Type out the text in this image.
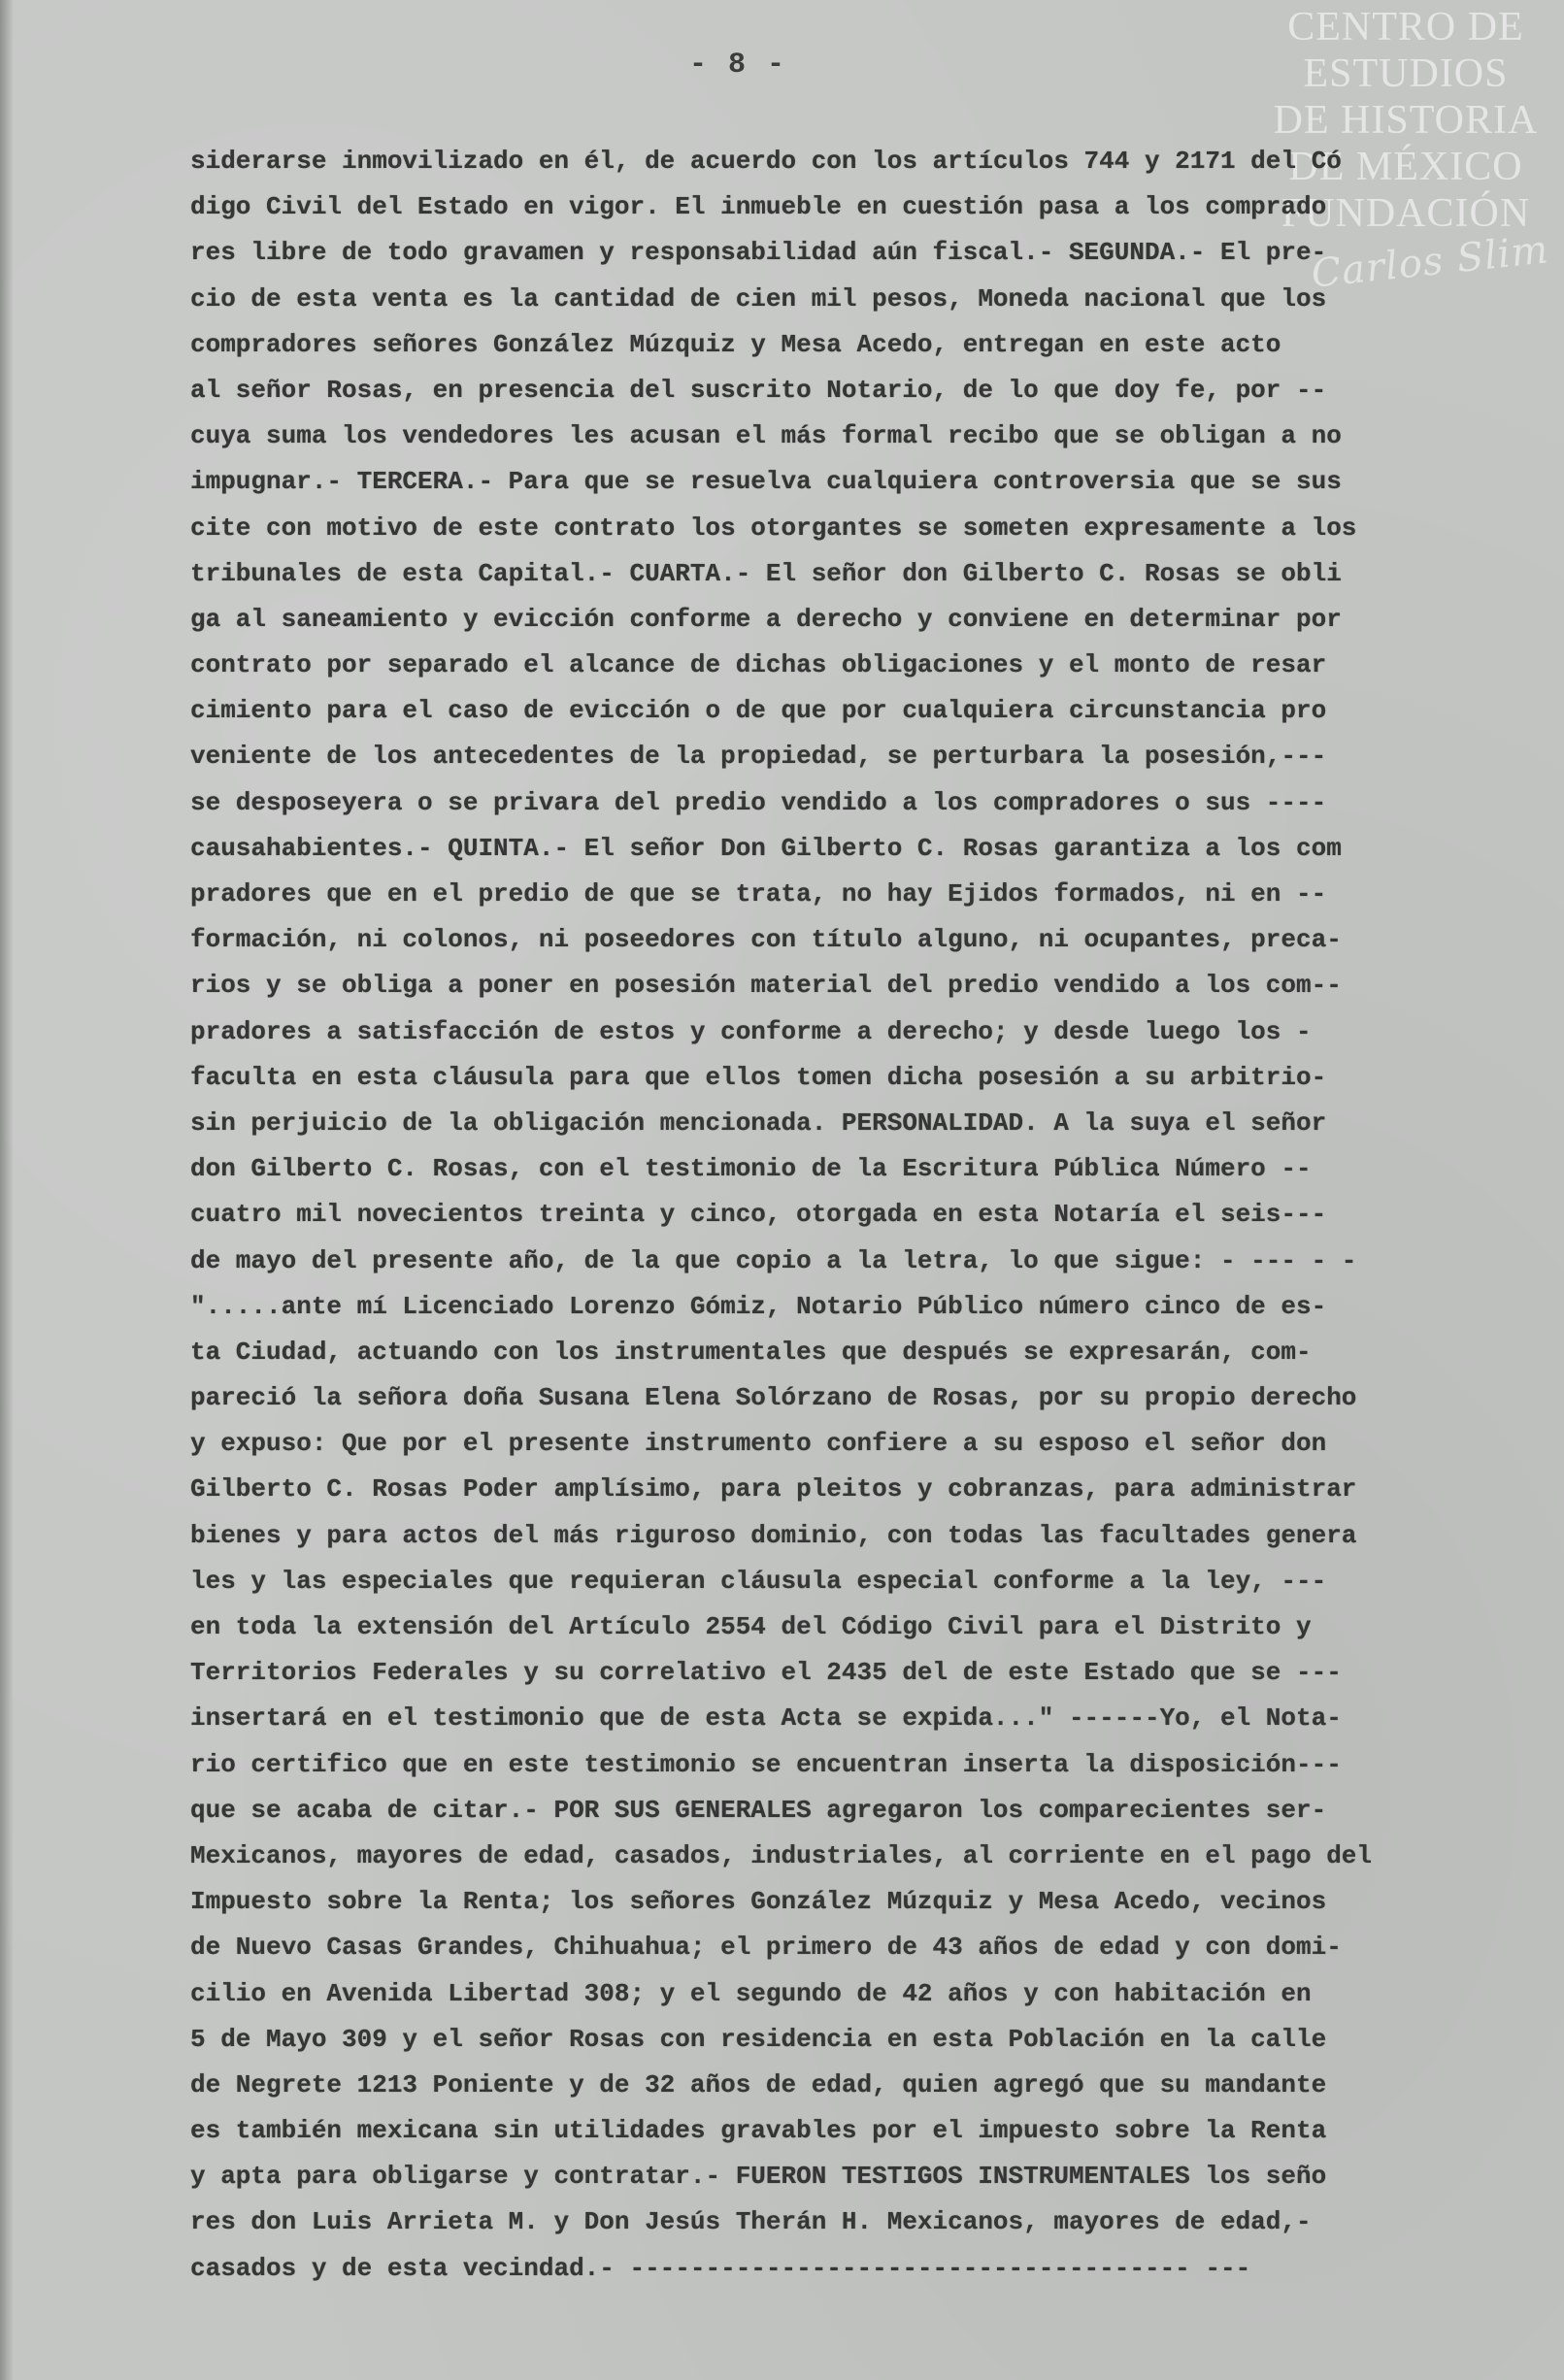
- 8 -
CENTRO DE
ESTUDIOS
DE HISTORIA
DE MÉXICO
FUNDACIÓN
Carlos Slim
siderarse inmovilizado en él, de acuerdo con los artículos 744 y 2171 del Có
digo Civil del Estado en vigor. El inmueble en cuestión pasa a los comprado
res libre de todo gravamen y responsabilidad aún fiscal.- SEGUNDA.- El pre-
cio de esta venta es la cantidad de cien mil pesos, Moneda nacional que los
compradores señores González Múzquiz y Mesa Acedo, entregan en este acto
al señor Rosas, en presencia del suscrito Notario, de lo que doy fe, por --
cuya suma los vendedores les acusan el más formal recibo que se obligan a no
impugnar.- TERCERA.- Para que se resuelva cualquiera controversia que se sus
cite con motivo de este contrato los otorgantes se someten expresamente a los
tribunales de esta Capital.- CUARTA.- El señor don Gilberto C. Rosas se obli
ga al saneamiento y evicción conforme a derecho y conviene en determinar por
contrato por separado el alcance de dichas obligaciones y el monto de resar
cimiento para el caso de evicción o de que por cualquiera circunstancia pro
veniente de los antecedentes de la propiedad, se perturbara la posesión,---
se desposeyera o se privara del predio vendido a los compradores o sus ----
causahabientes.- QUINTA.- El señor Don Gilberto C. Rosas garantiza a los com
pradores que en el predio de que se trata, no hay Ejidos formados, ni en --
formación, ni colonos, ni poseedores con título alguno, ni ocupantes, preca-
rios y se obliga a poner en posesión material del predio vendido a los com--
pradores a satisfacción de estos y conforme a derecho; y desde luego los -
faculta en esta cláusula para que ellos tomen dicha posesión a su arbitrio-
sin perjuicio de la obligación mencionada. PERSONALIDAD. A la suya el señor
don Gilberto C. Rosas, con el testimonio de la Escritura Pública Número --
cuatro mil novecientos treinta y cinco, otorgada en esta Notaría el seis---
de mayo del presente año, de la que copio a la letra, lo que sigue: - --- - -
".....ante mí Licenciado Lorenzo Gómiz, Notario Público número cinco de es-
ta Ciudad, actuando con los instrumentales que después se expresarán, com-
pareció la señora doña Susana Elena Solórzano de Rosas, por su propio derecho
y expuso: Que por el presente instrumento confiere a su esposo el señor don
Gilberto C. Rosas Poder amplísimo, para pleitos y cobranzas, para administrar
bienes y para actos del más riguroso dominio, con todas las facultades genera
les y las especiales que requieran cláusula especial conforme a la ley, ---
en toda la extensión del Artículo 2554 del Código Civil para el Distrito y
Territorios Federales y su correlativo el 2435 del de este Estado que se ---
insertará en el testimonio que de esta Acta se expida..." ------Yo, el Nota-
rio certifico que en este testimonio se encuentran inserta la disposición---
que se acaba de citar.- POR SUS GENERALES agregaron los comparecientes ser-
Mexicanos, mayores de edad, casados, industriales, al corriente en el pago del
Impuesto sobre la Renta; los señores González Múzquiz y Mesa Acedo, vecinos
de Nuevo Casas Grandes, Chihuahua; el primero de 43 años de edad y con domi-
cilio en Avenida Libertad 308; y el segundo de 42 años y con habitación en
5 de Mayo 309 y el señor Rosas con residencia en esta Población en la calle
de Negrete 1213 Poniente y de 32 años de edad, quien agregó que su mandante
es también mexicana sin utilidades gravables por el impuesto sobre la Renta
y apta para obligarse y contratar.- FUERON TESTIGOS INSTRUMENTALES los seño
res don Luis Arrieta M. y Don Jesús Therán H. Mexicanos, mayores de edad,-
casados y de esta vecindad.- ------------------------------------- ---
